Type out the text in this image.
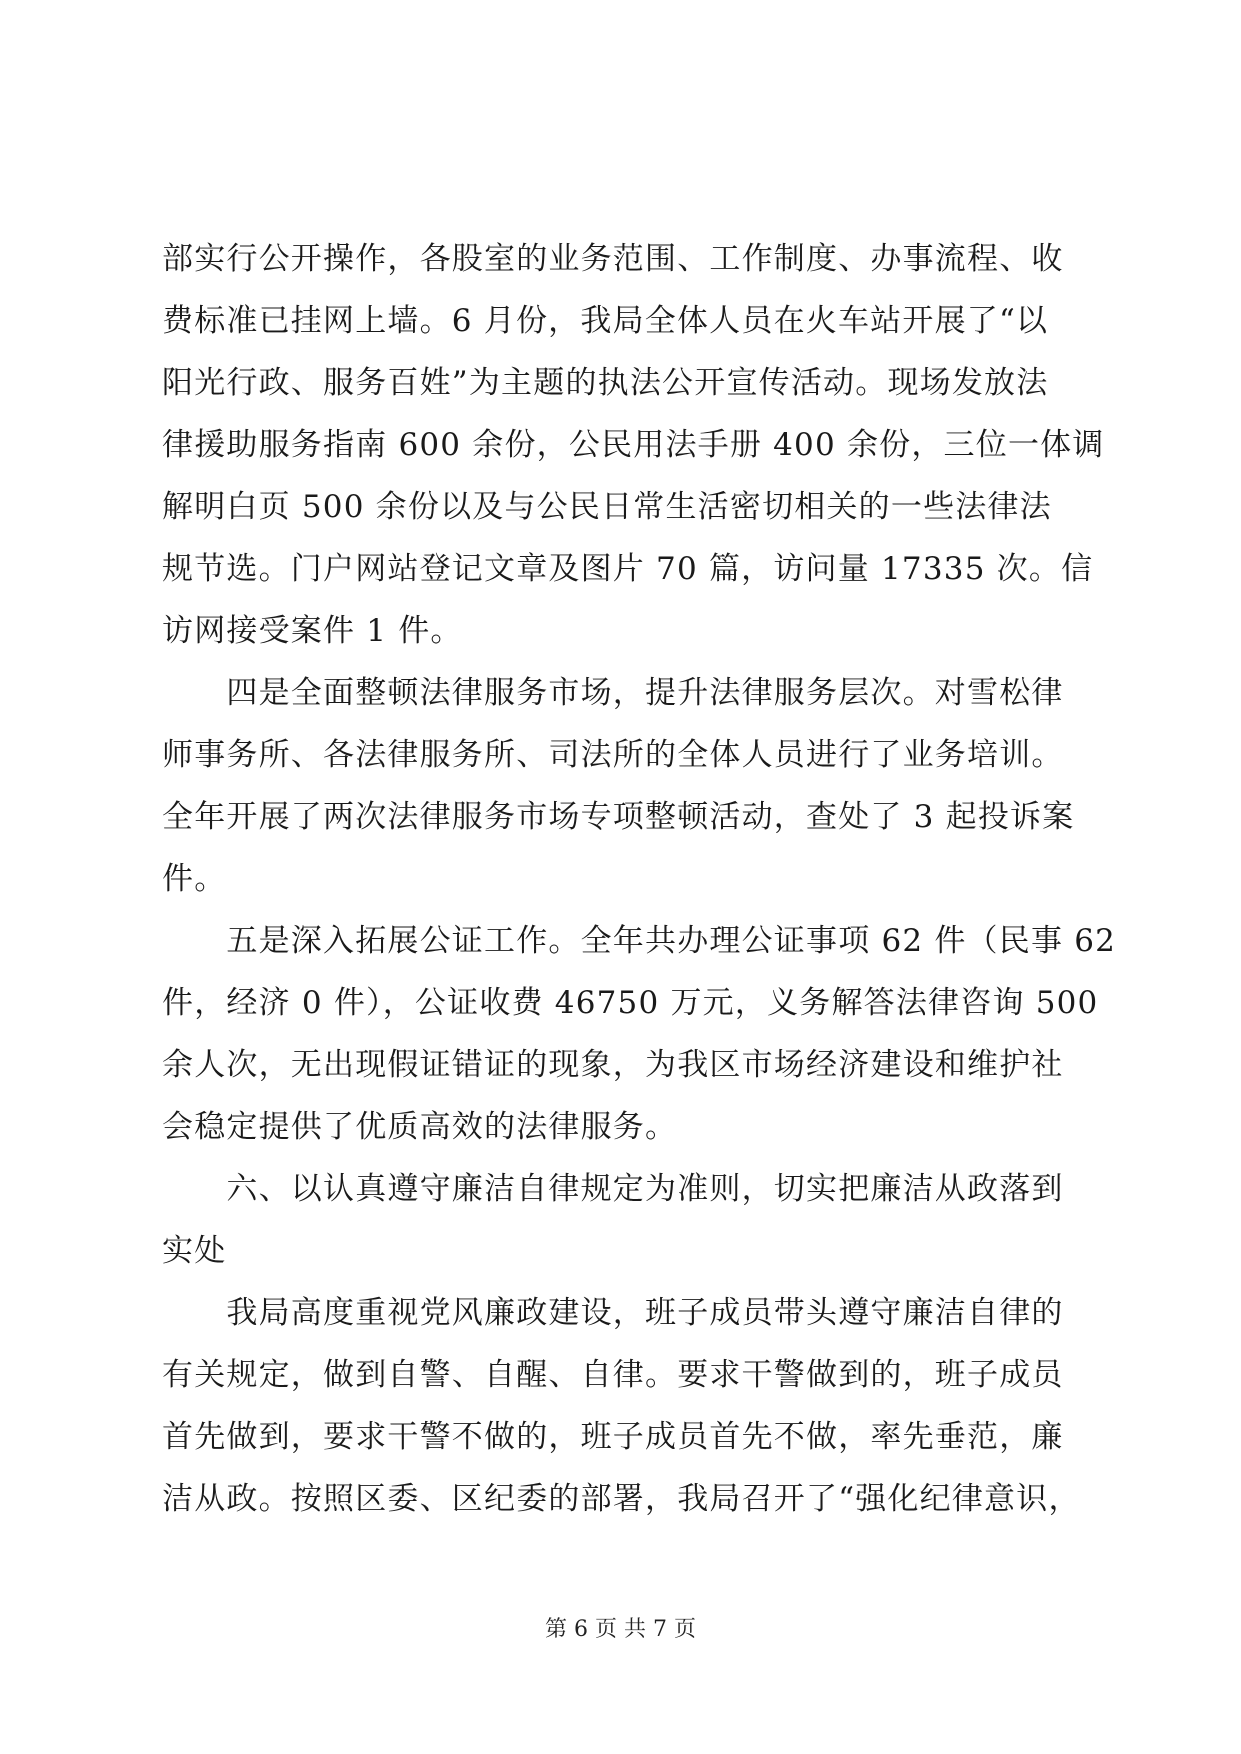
部实行公开操作，各股室的业务范围、工作制度、办事流程、收
费标准已挂网上墙。6 月份，我局全体人员在火车站开展了“以
阳光行政、服务百姓”为主题的执法公开宣传活动。现场发放法
律援助服务指南 600 余份，公民用法手册 400 余份，三位一体调
解明白页 500 余份以及与公民日常生活密切相关的一些法律法
规节选。门户网站登记文章及图片 70 篇，访问量 17335 次。信
访网接受案件 1 件。
　　四是全面整顿法律服务市场，提升法律服务层次。对雪松律
师事务所、各法律服务所、司法所的全体人员进行了业务培训。
全年开展了两次法律服务市场专项整顿活动，查处了 3 起投诉案
件。
　　五是深入拓展公证工作。全年共办理公证事项 62 件（民事 62
件，经济 0 件），公证收费 46750 万元，义务解答法律咨询 500
余人次，无出现假证错证的现象，为我区市场经济建设和维护社
会稳定提供了优质高效的法律服务。
　　六、以认真遵守廉洁自律规定为准则，切实把廉洁从政落到
实处
　　我局高度重视党风廉政建设，班子成员带头遵守廉洁自律的
有关规定，做到自警、自醒、自律。要求干警做到的，班子成员
首先做到，要求干警不做的，班子成员首先不做，率先垂范，廉
洁从政。按照区委、区纪委的部署，我局召开了“强化纪律意识，
第 6 页 共 7 页
